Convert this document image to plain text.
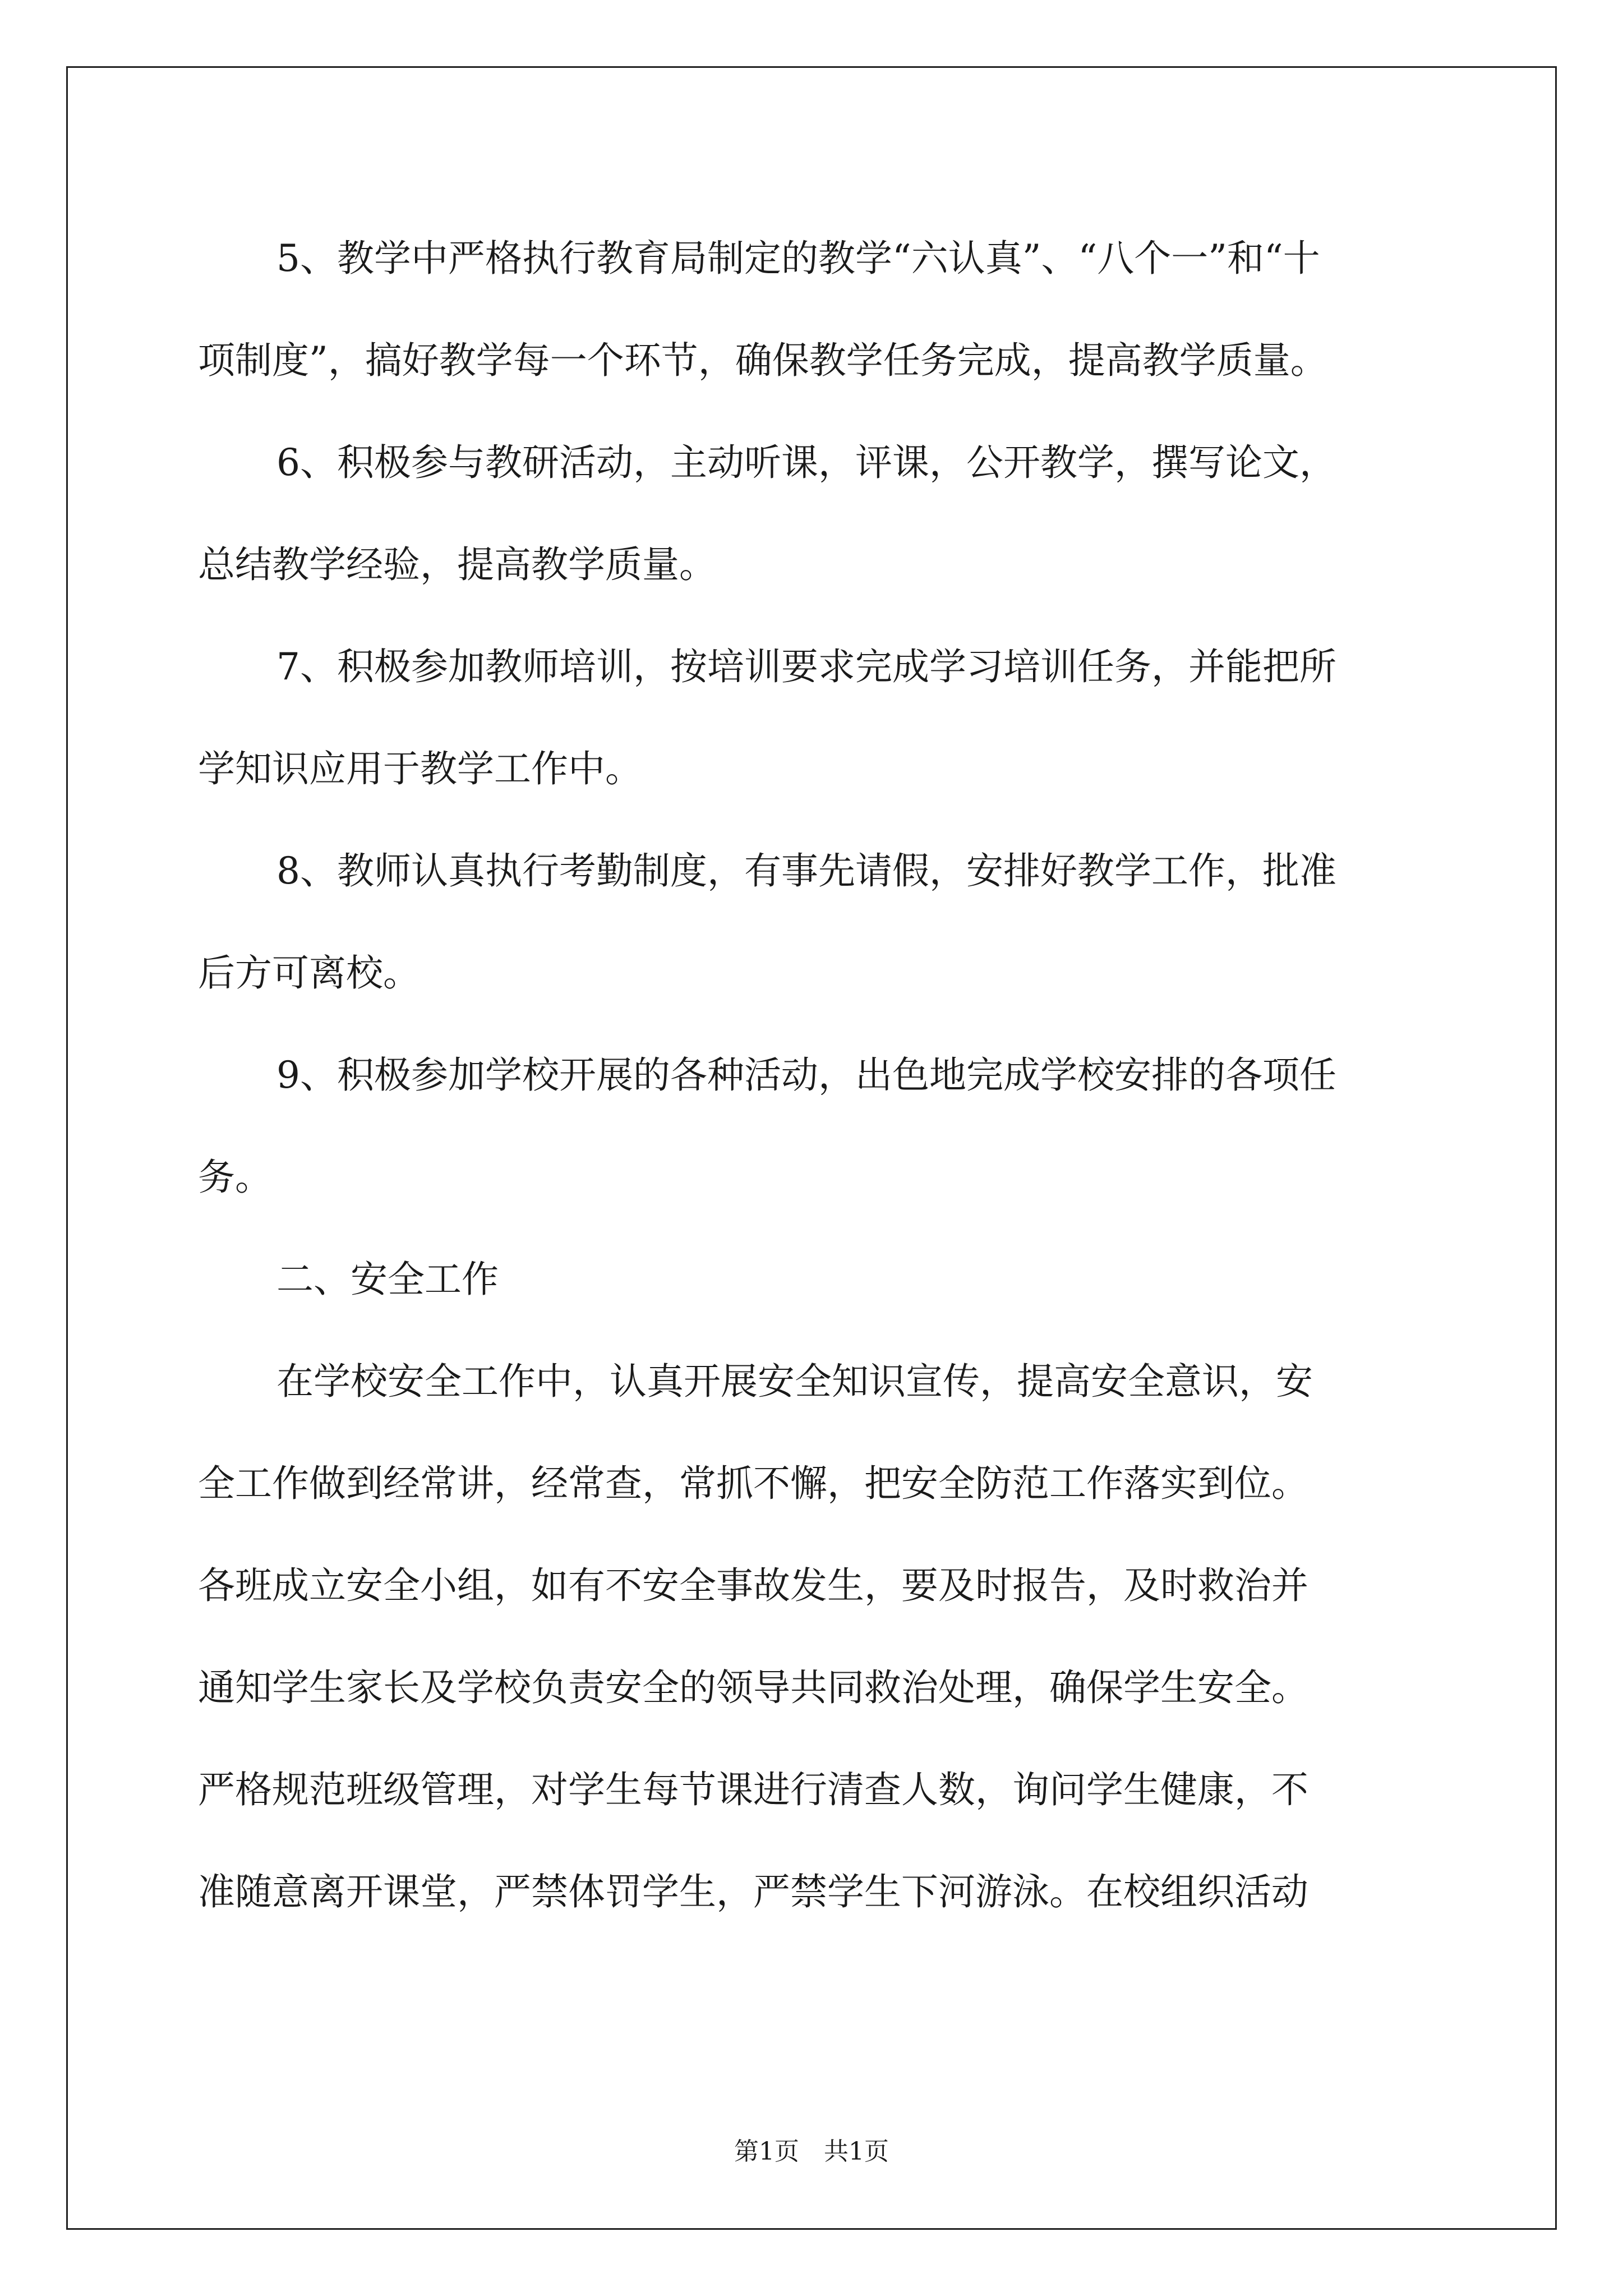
5、教学中严格执行教育局制定的教学“六认真”、“八个一”和“十
项制度”，搞好教学每一个环节，确保教学任务完成，提高教学质量。
6、积极参与教研活动，主动听课，评课，公开教学，撰写论文，
总结教学经验，提高教学质量。
7、积极参加教师培训，按培训要求完成学习培训任务，并能把所
学知识应用于教学工作中。
8、教师认真执行考勤制度，有事先请假，安排好教学工作，批准
后方可离校。
9、积极参加学校开展的各种活动，出色地完成学校安排的各项任
务。
二、安全工作
在学校安全工作中，认真开展安全知识宣传，提高安全意识，安
全工作做到经常讲，经常查，常抓不懈，把安全防范工作落实到位。
各班成立安全小组，如有不安全事故发生，要及时报告，及时救治并
通知学生家长及学校负责安全的领导共同救治处理，确保学生安全。
严格规范班级管理，对学生每节课进行清查人数，询问学生健康，不
准随意离开课堂，严禁体罚学生，严禁学生下河游泳。在校组织活动
第1页　共1页
